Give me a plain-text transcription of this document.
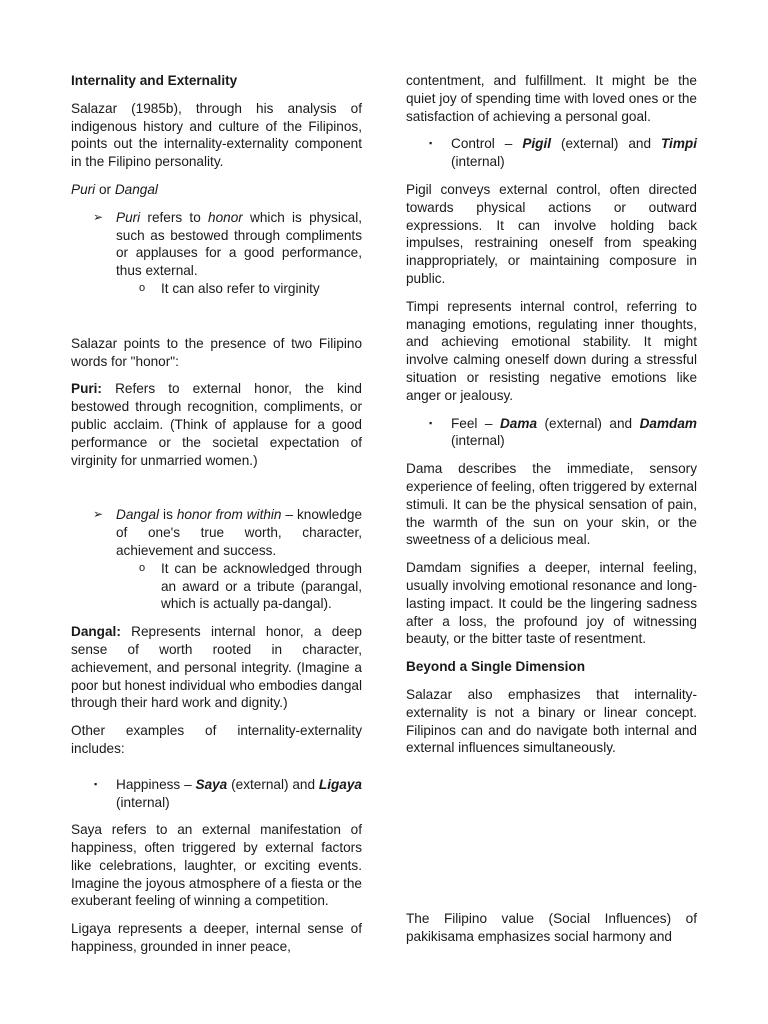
Internality and Externality

Salazar (1985b), through his analysis of indigenous history and culture of the Filipinos, points out the internality-externality component in the Filipino personality.

Puri or Dangal

➢ Puri refers to honor which is physical, such as bestowed through compliments or applauses for a good performance, thus external.
o It can also refer to virginity

Salazar points to the presence of two Filipino words for "honor":

Puri: Refers to external honor, the kind bestowed through recognition, compliments, or public acclaim. (Think of applause for a good performance or the societal expectation of virginity for unmarried women.)

➢ Dangal is honor from within – knowledge of one's true worth, character, achievement and success.
o It can be acknowledged through an award or a tribute (parangal, which is actually pa-dangal).

Dangal: Represents internal honor, a deep sense of worth rooted in character, achievement, and personal integrity. (Imagine a poor but honest individual who embodies dangal through their hard work and dignity.)

Other examples of internality-externality includes:

▪ Happiness – Saya (external) and Ligaya (internal)

Saya refers to an external manifestation of happiness, often triggered by external factors like celebrations, laughter, or exciting events. Imagine the joyous atmosphere of a fiesta or the exuberant feeling of winning a competition.

Ligaya represents a deeper, internal sense of happiness, grounded in inner peace,

contentment, and fulfillment. It might be the quiet joy of spending time with loved ones or the satisfaction of achieving a personal goal.

▪ Control – Pigil (external) and Timpi (internal)

Pigil conveys external control, often directed towards physical actions or outward expressions. It can involve holding back impulses, restraining oneself from speaking inappropriately, or maintaining composure in public.

Timpi represents internal control, referring to managing emotions, regulating inner thoughts, and achieving emotional stability. It might involve calming oneself down during a stressful situation or resisting negative emotions like anger or jealousy.

▪ Feel – Dama (external) and Damdam (internal)

Dama describes the immediate, sensory experience of feeling, often triggered by external stimuli. It can be the physical sensation of pain, the warmth of the sun on your skin, or the sweetness of a delicious meal.

Damdam signifies a deeper, internal feeling, usually involving emotional resonance and long-lasting impact. It could be the lingering sadness after a loss, the profound joy of witnessing beauty, or the bitter taste of resentment.

Beyond a Single Dimension

Salazar also emphasizes that internality-externality is not a binary or linear concept. Filipinos can and do navigate both internal and external influences simultaneously.

The Filipino value (Social Influences) of pakikisama emphasizes social harmony and
